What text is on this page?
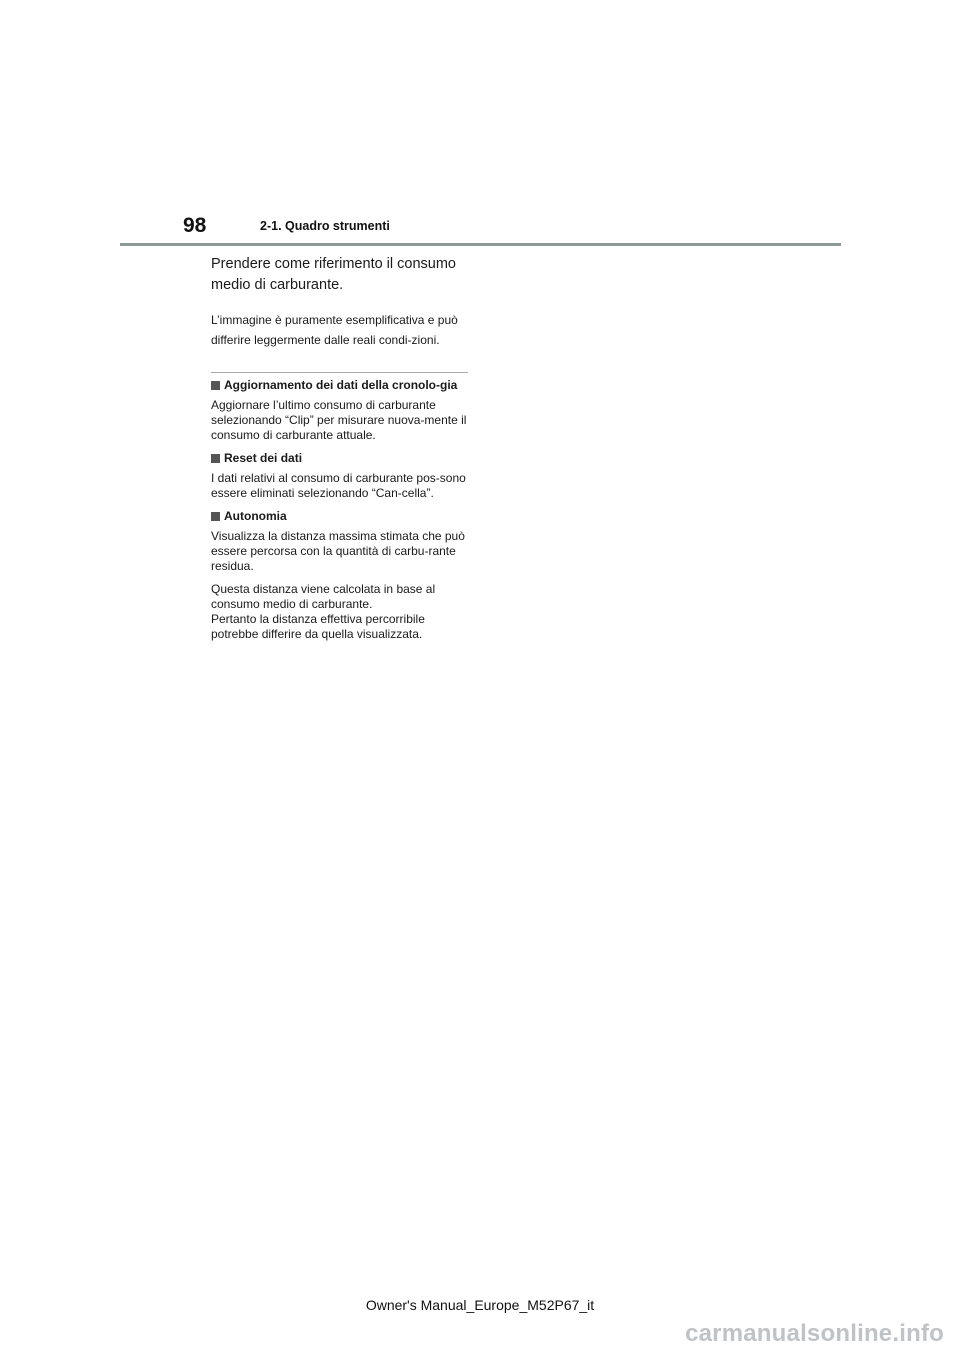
98	2-1. Quadro strumenti

Prendere come riferimento il consumo medio di carburante.

L’immagine è puramente esemplificativa e può differire leggermente dalle reali condi-zioni.

Aggiornamento dei dati della cronolo-gia

Aggiornare l’ultimo consumo di carburante selezionando “Clip” per misurare nuova-mente il consumo di carburante attuale.

Reset dei dati

I dati relativi al consumo di carburante pos-sono essere eliminati selezionando “Can-cella”.

Autonomia

Visualizza la distanza massima stimata che può essere percorsa con la quantità di carbu-rante residua.

Questa distanza viene calcolata in base al consumo medio di carburante.

Pertanto la distanza effettiva percorribile potrebbe differire da quella visualizzata.

Owner's Manual_Europe_M52P67_it
carmanualsonline.info
